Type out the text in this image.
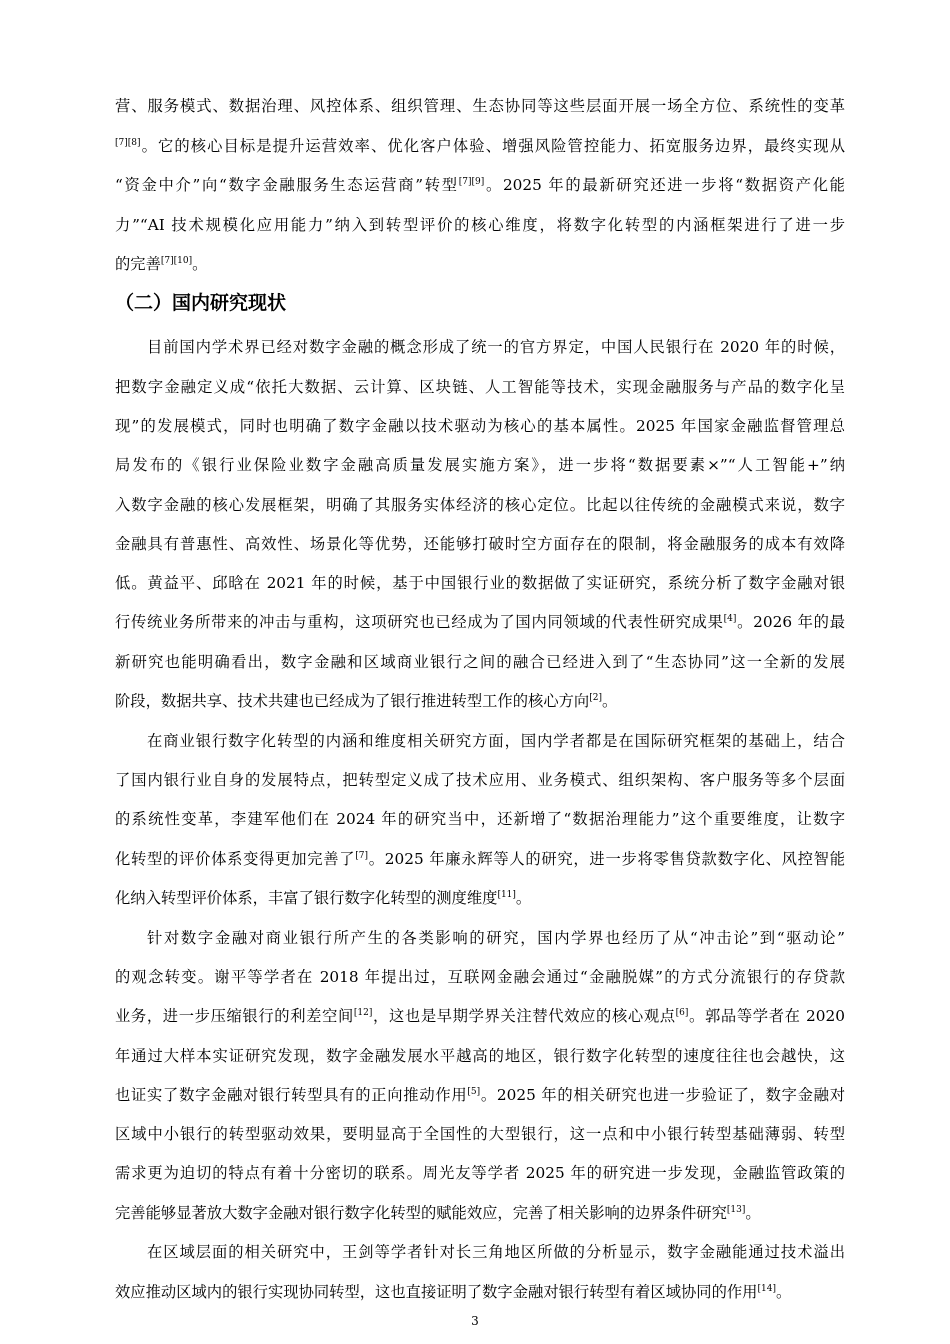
营、服务模式、数据治理、风控体系、组织管理、生态协同等这些层面开展一场全方位、系统性的变革
[7][8]。它的核心目标是提升运营效率、优化客户体验、增强风险管控能力、拓宽服务边界，最终实现从
“资金中介”向“数字金融服务生态运营商”转型[7][9]。2025 年的最新研究还进一步将“数据资产化能
力”“AI 技术规模化应用能力”纳入到转型评价的核心维度，将数字化转型的内涵框架进行了进一步
的完善[7][10]。
（二）国内研究现状
目前国内学术界已经对数字金融的概念形成了统一的官方界定，中国人民银行在 2020 年的时候，
把数字金融定义成“依托大数据、云计算、区块链、人工智能等技术，实现金融服务与产品的数字化呈
现”的发展模式，同时也明确了数字金融以技术驱动为核心的基本属性。2025 年国家金融监督管理总
局发布的《银行业保险业数字金融高质量发展实施方案》，进一步将“数据要素×”“人工智能+”纳
入数字金融的核心发展框架，明确了其服务实体经济的核心定位。比起以往传统的金融模式来说，数字
金融具有普惠性、高效性、场景化等优势，还能够打破时空方面存在的限制，将金融服务的成本有效降
低。黄益平、邱晗在 2021 年的时候，基于中国银行业的数据做了实证研究，系统分析了数字金融对银
行传统业务所带来的冲击与重构，这项研究也已经成为了国内同领域的代表性研究成果[4]。2026 年的最
新研究也能明确看出，数字金融和区域商业银行之间的融合已经进入到了“生态协同”这一全新的发展
阶段，数据共享、技术共建也已经成为了银行推进转型工作的核心方向[2]。
在商业银行数字化转型的内涵和维度相关研究方面，国内学者都是在国际研究框架的基础上，结合
了国内银行业自身的发展特点，把转型定义成了技术应用、业务模式、组织架构、客户服务等多个层面
的系统性变革，李建军他们在 2024 年的研究当中，还新增了“数据治理能力”这个重要维度，让数字
化转型的评价体系变得更加完善了[7]。2025 年廉永辉等人的研究，进一步将零售贷款数字化、风控智能
化纳入转型评价体系，丰富了银行数字化转型的测度维度[11]。
针对数字金融对商业银行所产生的各类影响的研究，国内学界也经历了从“冲击论”到“驱动论”
的观念转变。谢平等学者在 2018 年提出过，互联网金融会通过“金融脱媒”的方式分流银行的存贷款
业务，进一步压缩银行的利差空间[12]，这也是早期学界关注替代效应的核心观点[6]。郭品等学者在 2020
年通过大样本实证研究发现，数字金融发展水平越高的地区，银行数字化转型的速度往往也会越快，这
也证实了数字金融对银行转型具有的正向推动作用[5]。2025 年的相关研究也进一步验证了，数字金融对
区域中小银行的转型驱动效果，要明显高于全国性的大型银行，这一点和中小银行转型基础薄弱、转型
需求更为迫切的特点有着十分密切的联系。周光友等学者 2025 年的研究进一步发现，金融监管政策的
完善能够显著放大数字金融对银行数字化转型的赋能效应，完善了相关影响的边界条件研究[13]。
在区域层面的相关研究中，王剑等学者针对长三角地区所做的分析显示，数字金融能通过技术溢出
效应推动区域内的银行实现协同转型，这也直接证明了数字金融对银行转型有着区域协同的作用[14]。
3
